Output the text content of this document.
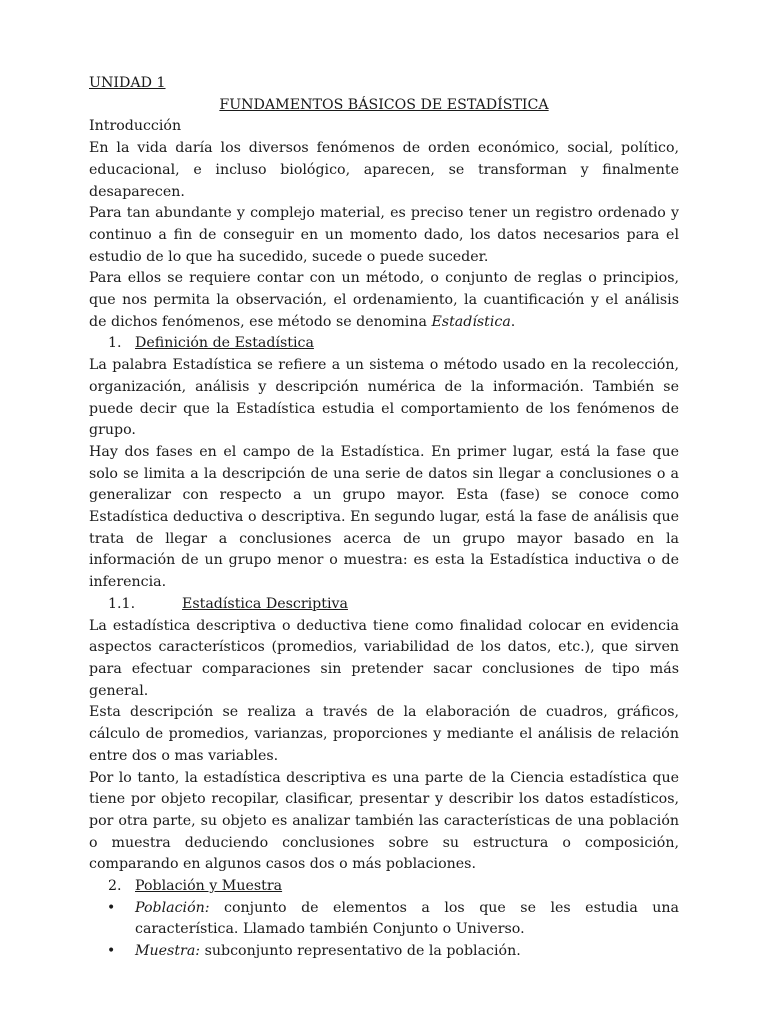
UNIDAD 1

FUNDAMENTOS BÁSICOS DE ESTADÍSTICA

Introducción

En la vida daría los diversos fenómenos de orden económico, social, político, educacional, e incluso biológico, aparecen, se transforman y finalmente desaparecen.

Para tan abundante y complejo material, es preciso tener un registro ordenado y continuo a fin de conseguir en un momento dado, los datos necesarios para el estudio de lo que ha sucedido, sucede o puede suceder.

Para ellos se requiere contar con un método, o conjunto de reglas o principios, que nos permita la observación, el ordenamiento, la cuantificación y el análisis de dichos fenómenos, ese método se denomina Estadística.

1. Definición de Estadística

La palabra Estadística se refiere a un sistema o método usado en la recolección, organización, análisis y descripción numérica de la información. También se puede decir que la Estadística estudia el comportamiento de los fenómenos de grupo.

Hay dos fases en el campo de la Estadística. En primer lugar, está la fase que solo se limita a la descripción de una serie de datos sin llegar a conclusiones o a generalizar con respecto a un grupo mayor. Esta (fase) se conoce como Estadística deductiva o descriptiva. En segundo lugar, está la fase de análisis que trata de llegar a conclusiones acerca de un grupo mayor basado en la información de un grupo menor o muestra: es esta la Estadística inductiva o de inferencia.

1.1.	Estadística Descriptiva

La estadística descriptiva o deductiva tiene como finalidad colocar en evidencia aspectos característicos (promedios, variabilidad de los datos, etc.), que sirven para efectuar comparaciones sin pretender sacar conclusiones de tipo más general.

Esta descripción se realiza a través de la elaboración de cuadros, gráficos, cálculo de promedios, varianzas, proporciones y mediante el análisis de relación entre dos o mas variables.

Por lo tanto, la estadística descriptiva es una parte de la Ciencia estadística que tiene por objeto recopilar, clasificar, presentar y describir los datos estadísticos, por otra parte, su objeto es analizar también las características de una población o muestra deduciendo conclusiones sobre su estructura o composición, comparando en algunos casos dos o más poblaciones.

2. Población y Muestra
•	Población: conjunto de elementos a los que se les estudia una característica. Llamado también Conjunto o Universo.
•	Muestra: subconjunto representativo de la población.
